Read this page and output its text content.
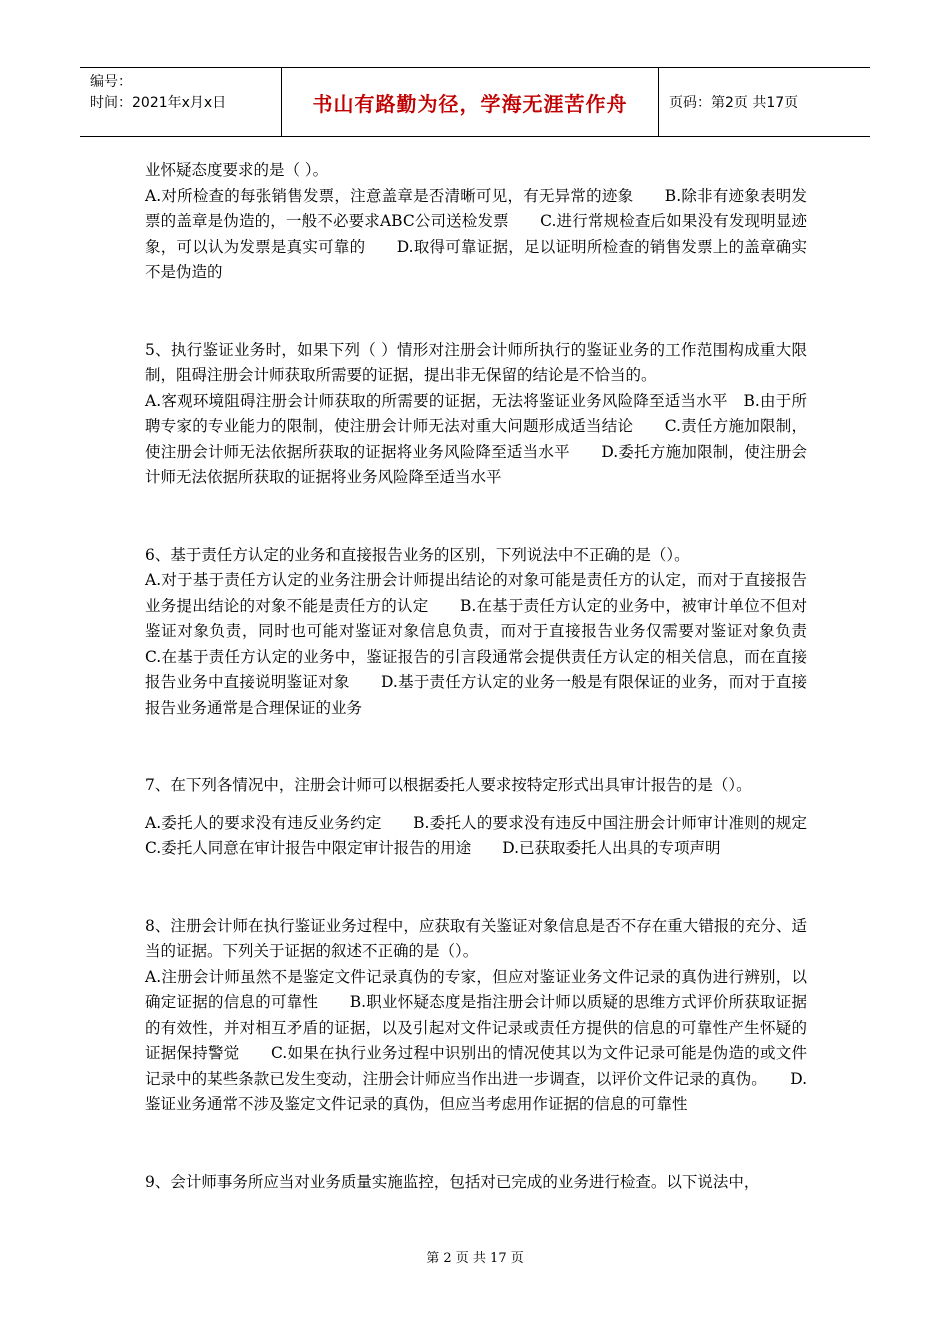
编号：
时间：2021年x月x日	书山有路勤为径，学海无涯苦作舟	页码：第2页 共17页

业怀疑态度要求的是（ ）。

A.对所检查的每张销售发票，注意盖章是否清晰可见，有无异常的迹象　　B.除非有迹象表明发票的盖章是伪造的，一般不必要求ABC公司送检发票　　C.进行常规检查后如果没有发现明显迹象，可以认为发票是真实可靠的　　D.取得可靠证据，足以证明所检查的销售发票上的盖章确实不是伪造的

5、执行鉴证业务时，如果下列（ ）情形对注册会计师所执行的鉴证业务的工作范围构成重大限制，阻碍注册会计师获取所需要的证据，提出非无保留的结论是不恰当的。

A.客观环境阻碍注册会计师获取的所需要的证据，无法将鉴证业务风险降至适当水平　B.由于所聘专家的专业能力的限制，使注册会计师无法对重大问题形成适当结论　　C.责任方施加限制，使注册会计师无法依据所获取的证据将业务风险降至适当水平　　D.委托方施加限制，使注册会计师无法依据所获取的证据将业务风险降至适当水平

6、基于责任方认定的业务和直接报告业务的区别，下列说法中不正确的是（）。

A.对于基于责任方认定的业务注册会计师提出结论的对象可能是责任方的认定，而对于直接报告业务提出结论的对象不能是责任方的认定　　B.在基于责任方认定的业务中，被审计单位不但对鉴证对象负责，同时也可能对鉴证对象信息负责，而对于直接报告业务仅需要对鉴证对象负责　　C.在基于责任方认定的业务中，鉴证报告的引言段通常会提供责任方认定的相关信息，而在直接报告业务中直接说明鉴证对象　　D.基于责任方认定的业务一般是有限保证的业务，而对于直接报告业务通常是合理保证的业务

7、在下列各情况中，注册会计师可以根据委托人要求按特定形式出具审计报告的是（）。

A.委托人的要求没有违反业务约定　　B.委托人的要求没有违反中国注册会计师审计准则的规定　　C.委托人同意在审计报告中限定审计报告的用途　　D.已获取委托人出具的专项声明

8、注册会计师在执行鉴证业务过程中，应获取有关鉴证对象信息是否不存在重大错报的充分、适当的证据。下列关于证据的叙述不正确的是（）。

A.注册会计师虽然不是鉴定文件记录真伪的专家，但应对鉴证业务文件记录的真伪进行辨别，以确定证据的信息的可靠性　　B.职业怀疑态度是指注册会计师以质疑的思维方式评价所获取证据的有效性，并对相互矛盾的证据，以及引起对文件记录或责任方提供的信息的可靠性产生怀疑的证据保持警觉　　C.如果在执行业务过程中识别出的情况使其以为文件记录可能是伪造的或文件记录中的某些条款已发生变动，注册会计师应当作出进一步调查，以评价文件记录的真伪。　　D.鉴证业务通常不涉及鉴定文件记录的真伪，但应当考虑用作证据的信息的可靠性

9、会计师事务所应当对业务质量实施监控，包括对已完成的业务进行检查。以下说法中，

第 2 页 共 17 页
